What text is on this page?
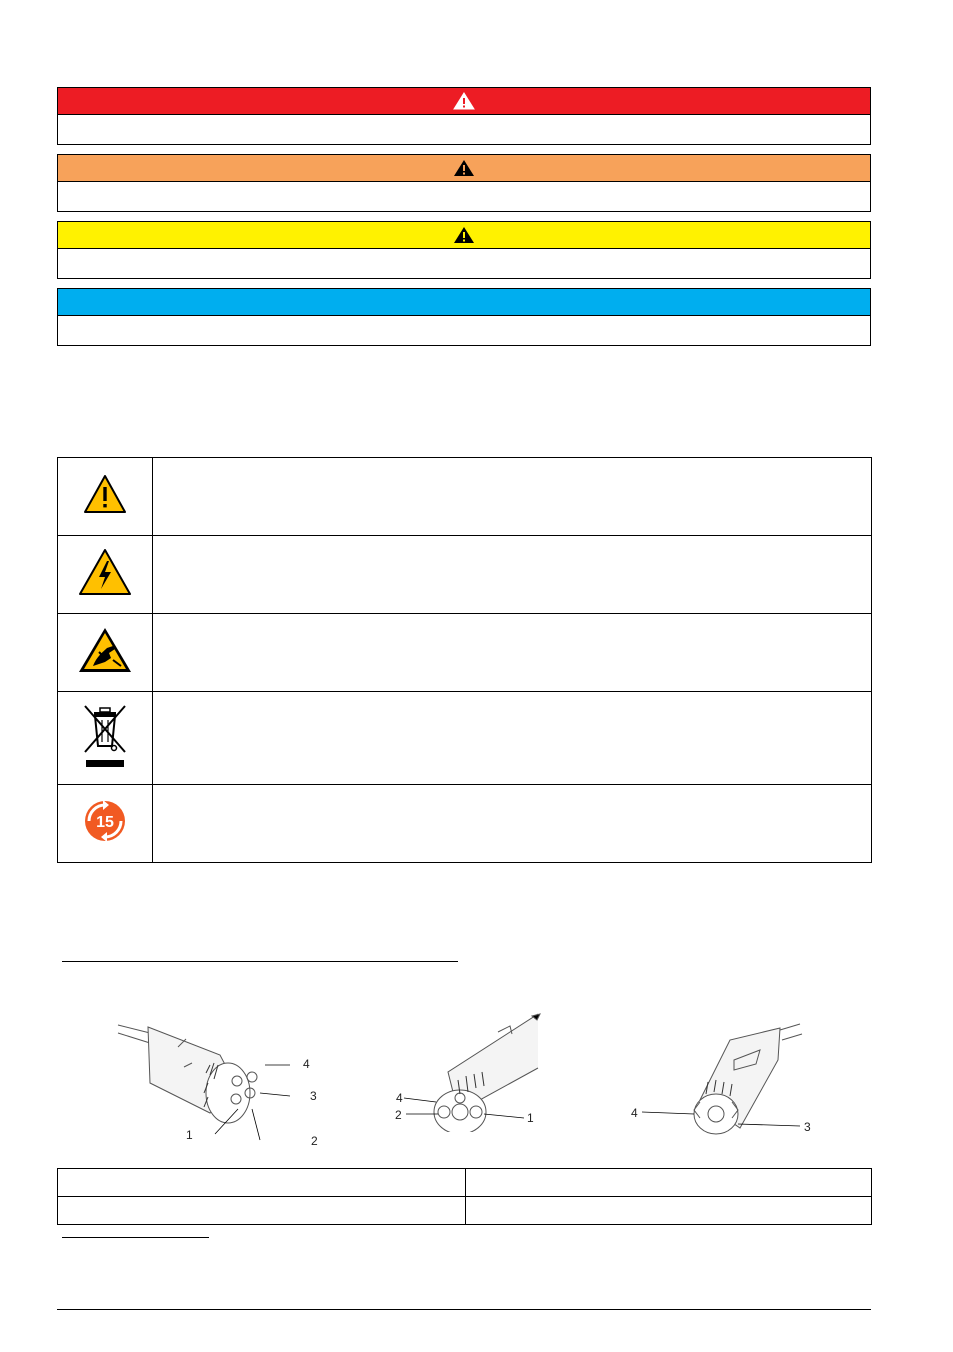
15	

4
3
1	2
4
2	1	4
3
